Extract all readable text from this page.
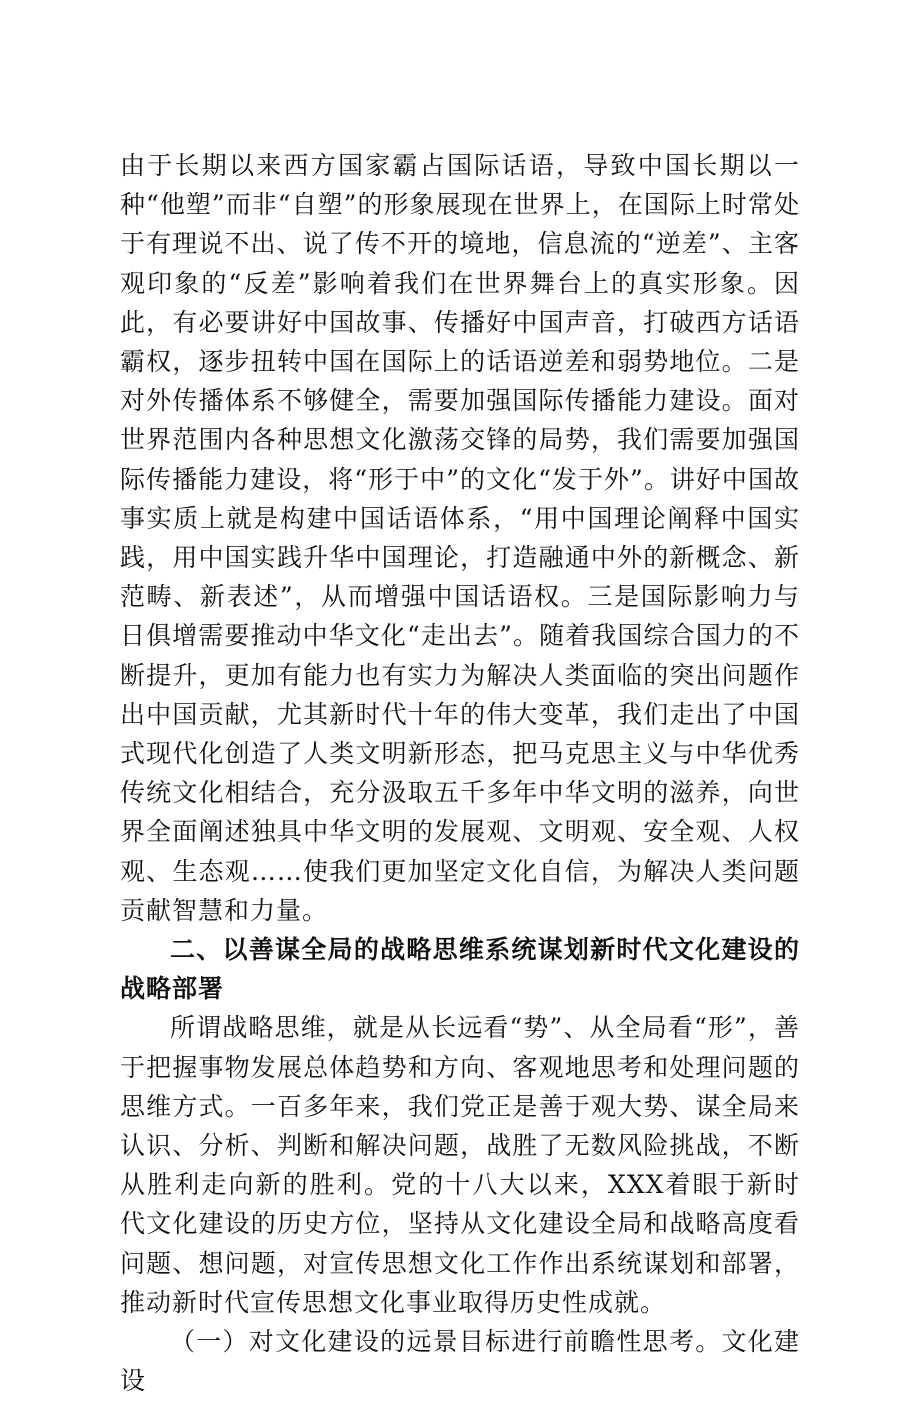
由于长期以来西方国家霸占国际话语，导致中国长期以一种“他塑”而非“自塑”的形象展现在世界上，在国际上时常处于有理说不出、说了传不开的境地，信息流的“逆差”、主客观印象的“反差”影响着我们在世界舞台上的真实形象。因此，有必要讲好中国故事、传播好中国声音，打破西方话语霸权，逐步扭转中国在国际上的话语逆差和弱势地位。二是对外传播体系不够健全，需要加强国际传播能力建设。面对世界范围内各种思想文化激荡交锋的局势，我们需要加强国际传播能力建设，将“形于中”的文化“发于外”。讲好中国故事实质上就是构建中国话语体系，“用中国理论阐释中国实践，用中国实践升华中国理论，打造融通中外的新概念、新范畴、新表述”，从而增强中国话语权。三是国际影响力与日俱增需要推动中华文化“走出去”。随着我国综合国力的不断提升，更加有能力也有实力为解决人类面临的突出问题作出中国贡献，尤其新时代十年的伟大变革，我们走出了中国式现代化创造了人类文明新形态，把马克思主义与中华优秀传统文化相结合，充分汲取五千多年中华文明的滋养，向世界全面阐述独具中华文明的发展观、文明观、安全观、人权观、生态观……使我们更加坚定文化自信，为解决人类问题贡献智慧和力量。

二、以善谋全局的战略思维系统谋划新时代文化建设的战略部署

所谓战略思维，就是从长远看“势”、从全局看“形”，善于把握事物发展总体趋势和方向、客观地思考和处理问题的思维方式。一百多年来，我们党正是善于观大势、谋全局来认识、分析、判断和解决问题，战胜了无数风险挑战，不断从胜利走向新的胜利。党的十八大以来，XXX着眼于新时代文化建设的历史方位，坚持从文化建设全局和战略高度看问题、想问题，对宣传思想文化工作作出系统谋划和部署，推动新时代宣传思想文化事业取得历史性成就。

（一）对文化建设的远景目标进行前瞻性思考。文化建设
